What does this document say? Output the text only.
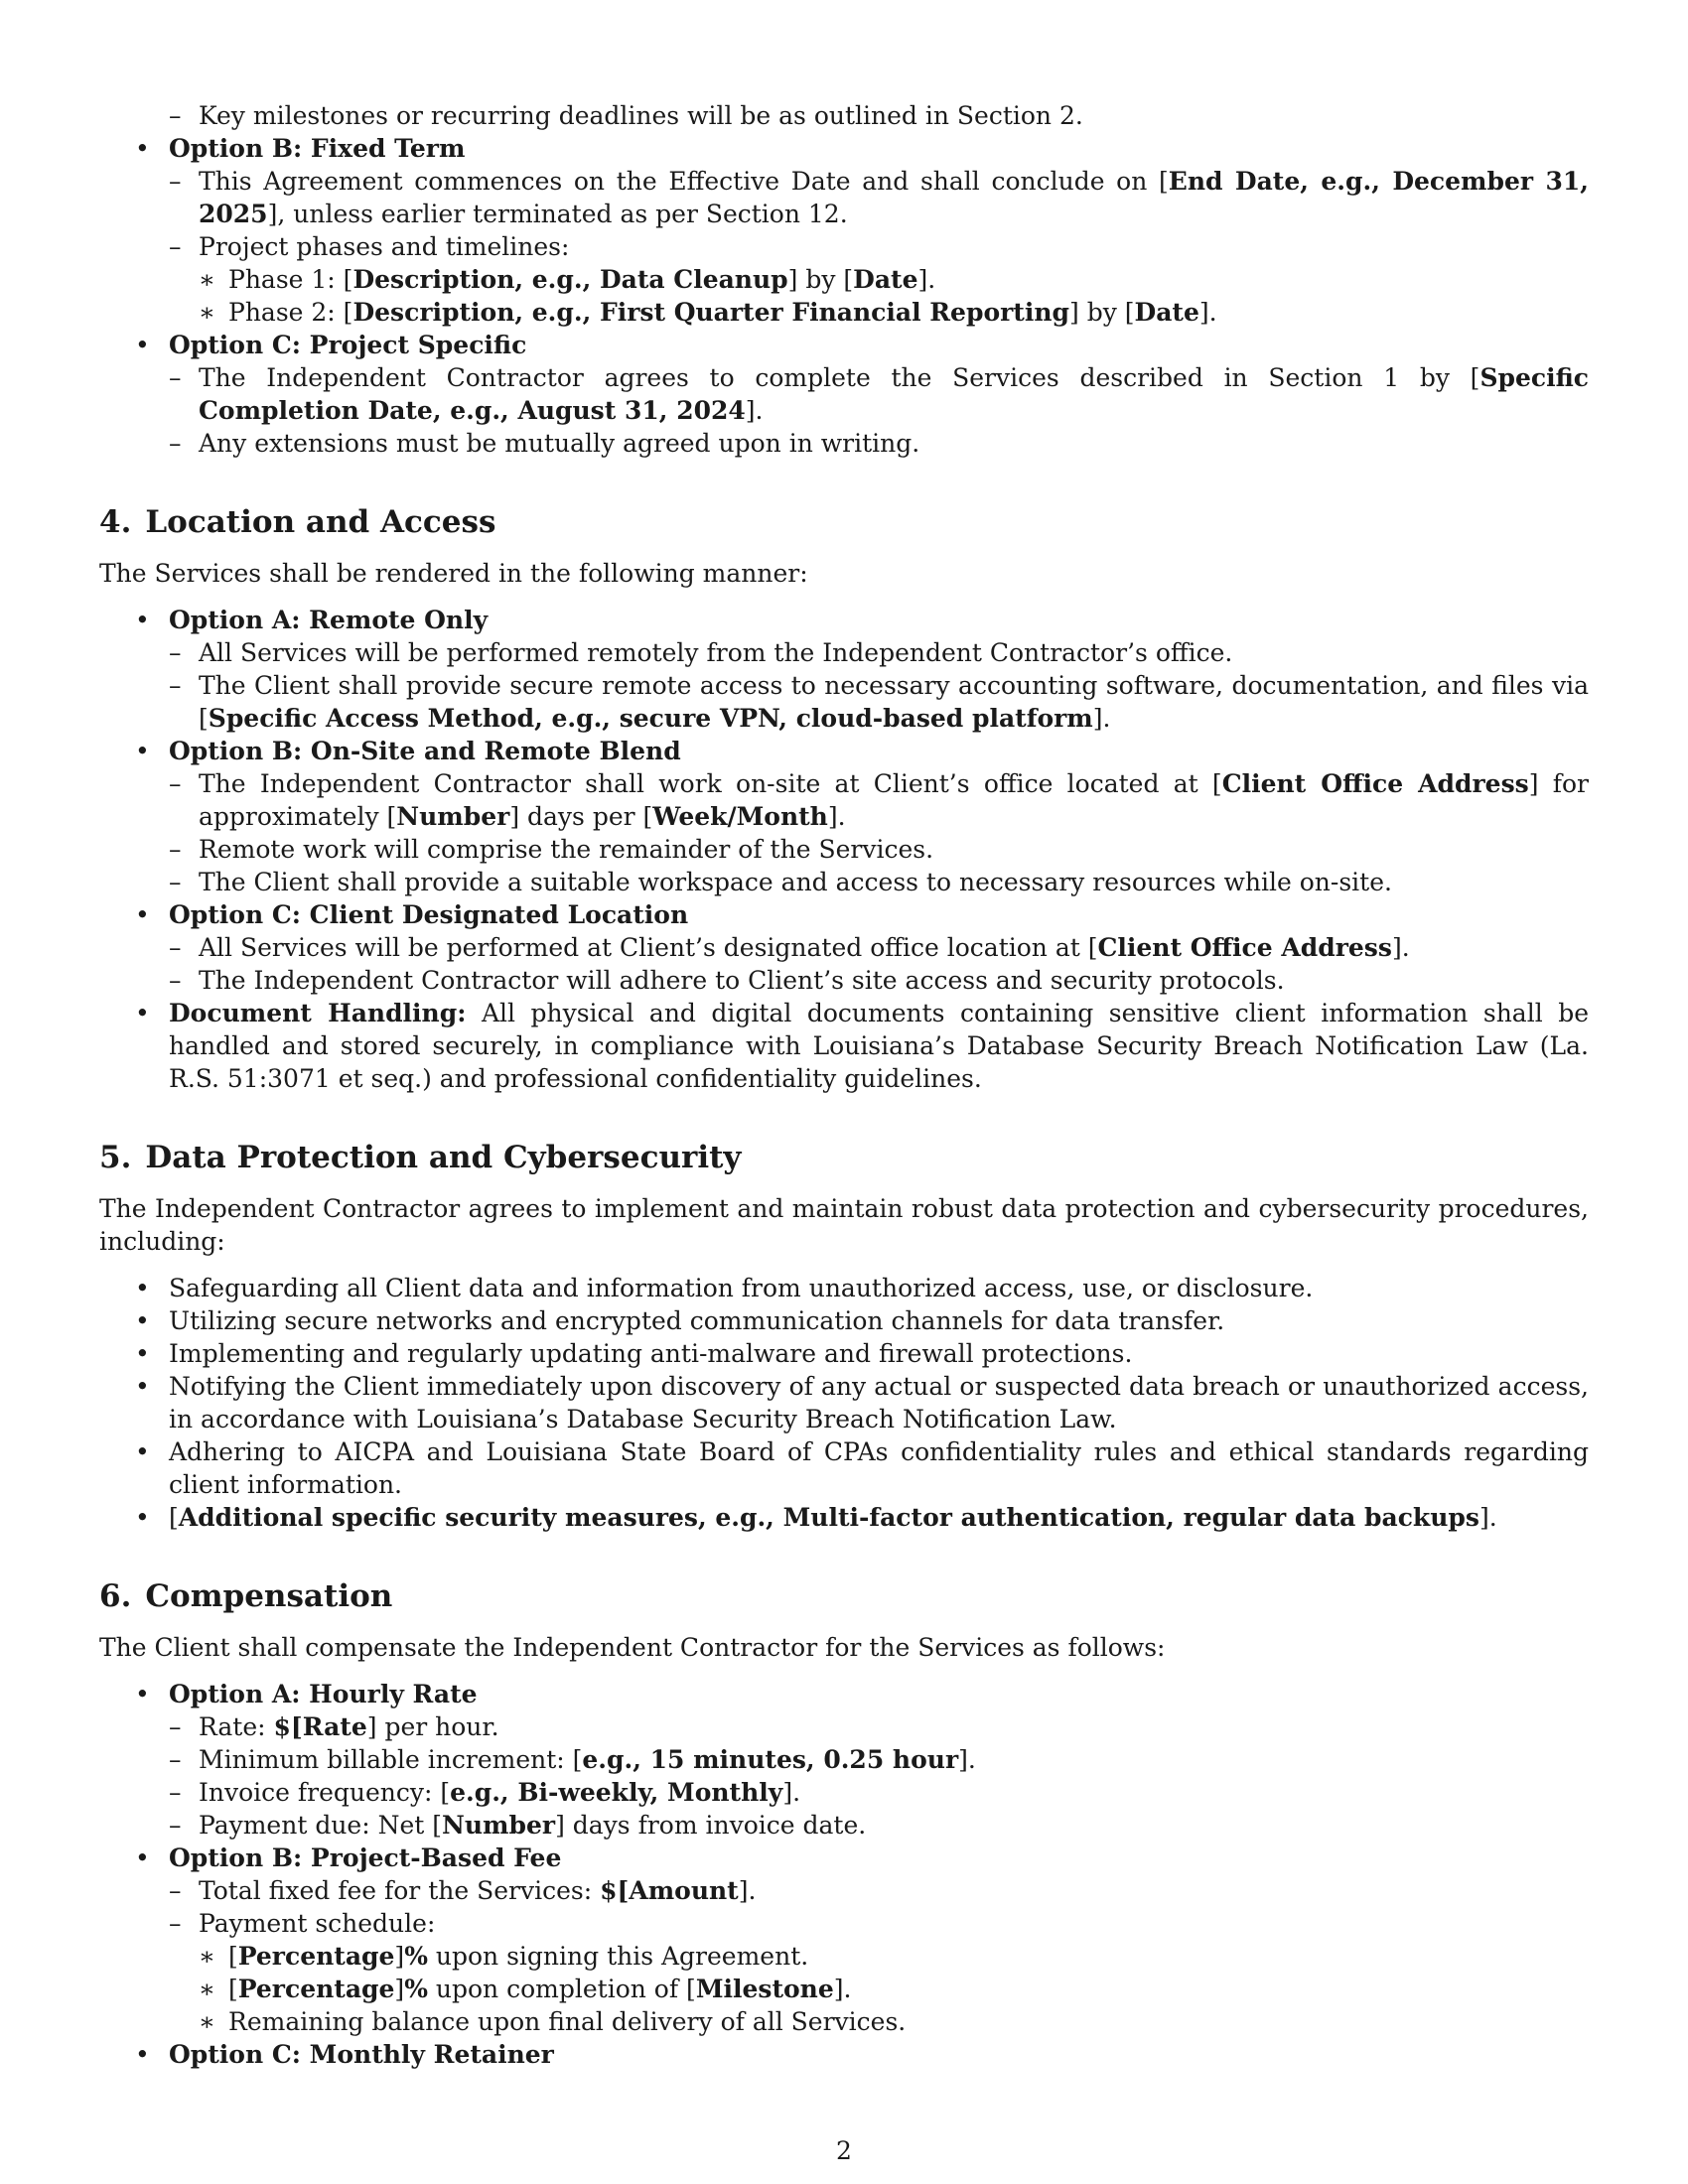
– Key milestones or recurring deadlines will be as outlined in Section 2.
• Option B: Fixed Term
– This Agreement commences on the Effective Date and shall conclude on [End Date, e.g., December 31, 2025], unless earlier terminated as per Section 12.
– Project phases and timelines:
∗ Phase 1: [Description, e.g., Data Cleanup] by [Date].
∗ Phase 2: [Description, e.g., First Quarter Financial Reporting] by [Date].
• Option C: Project Specific
– The Independent Contractor agrees to complete the Services described in Section 1 by [Specific Completion Date, e.g., August 31, 2024].
– Any extensions must be mutually agreed upon in writing.
4. Location and Access

The Services shall be rendered in the following manner:

• Option A: Remote Only
– All Services will be performed remotely from the Independent Contractor’s office.
– The Client shall provide secure remote access to necessary accounting software, documentation, and files via [Specific Access Method, e.g., secure VPN, cloud-based platform].
• Option B: On-Site and Remote Blend
– The Independent Contractor shall work on-site at Client’s office located at [Client Office Address] for approximately [Number] days per [Week/Month].
– Remote work will comprise the remainder of the Services.
– The Client shall provide a suitable workspace and access to necessary resources while on-site.
• Option C: Client Designated Location
– All Services will be performed at Client’s designated office location at [Client Office Address].
– The Independent Contractor will adhere to Client’s site access and security protocols.
• Document Handling: All physical and digital documents containing sensitive client information shall be handled and stored securely, in compliance with Louisiana’s Database Security Breach Notification Law (La. R.S. 51:3071 et seq.) and professional confidentiality guidelines.
5. Data Protection and Cybersecurity

The Independent Contractor agrees to implement and maintain robust data protection and cybersecurity procedures, including:

• Safeguarding all Client data and information from unauthorized access, use, or disclosure.
• Utilizing secure networks and encrypted communication channels for data transfer.
• Implementing and regularly updating anti-malware and firewall protections.
• Notifying the Client immediately upon discovery of any actual or suspected data breach or unauthorized access, in accordance with Louisiana’s Database Security Breach Notification Law.
• Adhering to AICPA and Louisiana State Board of CPAs confidentiality rules and ethical standards regarding client information.
• [Additional specific security measures, e.g., Multi-factor authentication, regular data backups].
6. Compensation

The Client shall compensate the Independent Contractor for the Services as follows:

• Option A: Hourly Rate
– Rate: $[Rate] per hour.
– Minimum billable increment: [e.g., 15 minutes, 0.25 hour].
– Invoice frequency: [e.g., Bi-weekly, Monthly].
– Payment due: Net [Number] days from invoice date.
• Option B: Project-Based Fee
– Total fixed fee for the Services: $[Amount].
– Payment schedule:
∗ [Percentage]% upon signing this Agreement.
∗ [Percentage]% upon completion of [Milestone].
∗ Remaining balance upon final delivery of all Services.
• Option C: Monthly Retainer
2
